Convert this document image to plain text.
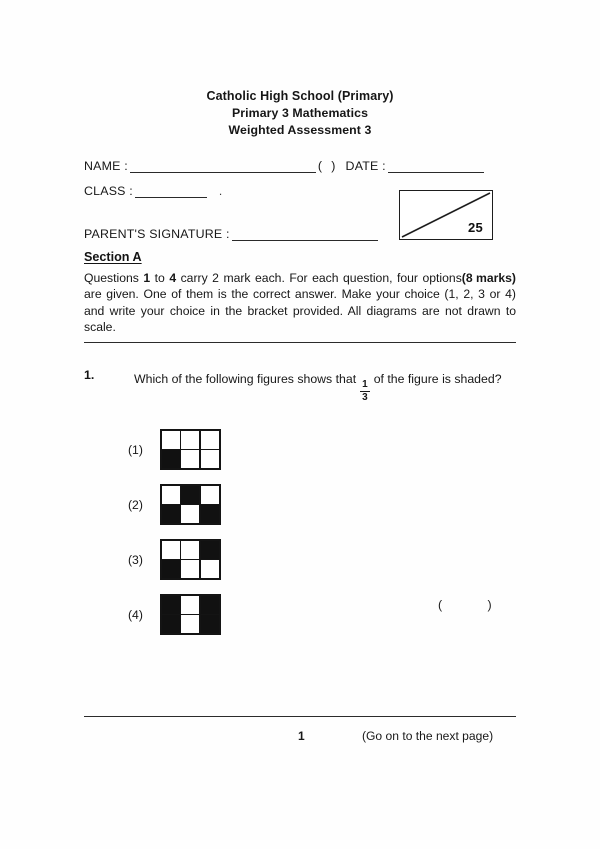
Catholic High School (Primary)
Primary 3 Mathematics
Weighted Assessment 3
NAME :	( ) DATE :
CLASS :	.
PARENT'S SIGNATURE :	25
Section A
(8 marks)
Questions 1 to 4 carry 2 mark each. For each question, four options are given. One of them is the correct answer. Make your choice (1, 2, 3 or 4) and write your choice in the bracket provided. All diagrams are not drawn to scale.
1.	Which of the following figures shows that
$\frac{1}{3}$
of the figure is shaded?
(1)
(2)
(3)
(4)
(          )
1	(Go on to the next page)
